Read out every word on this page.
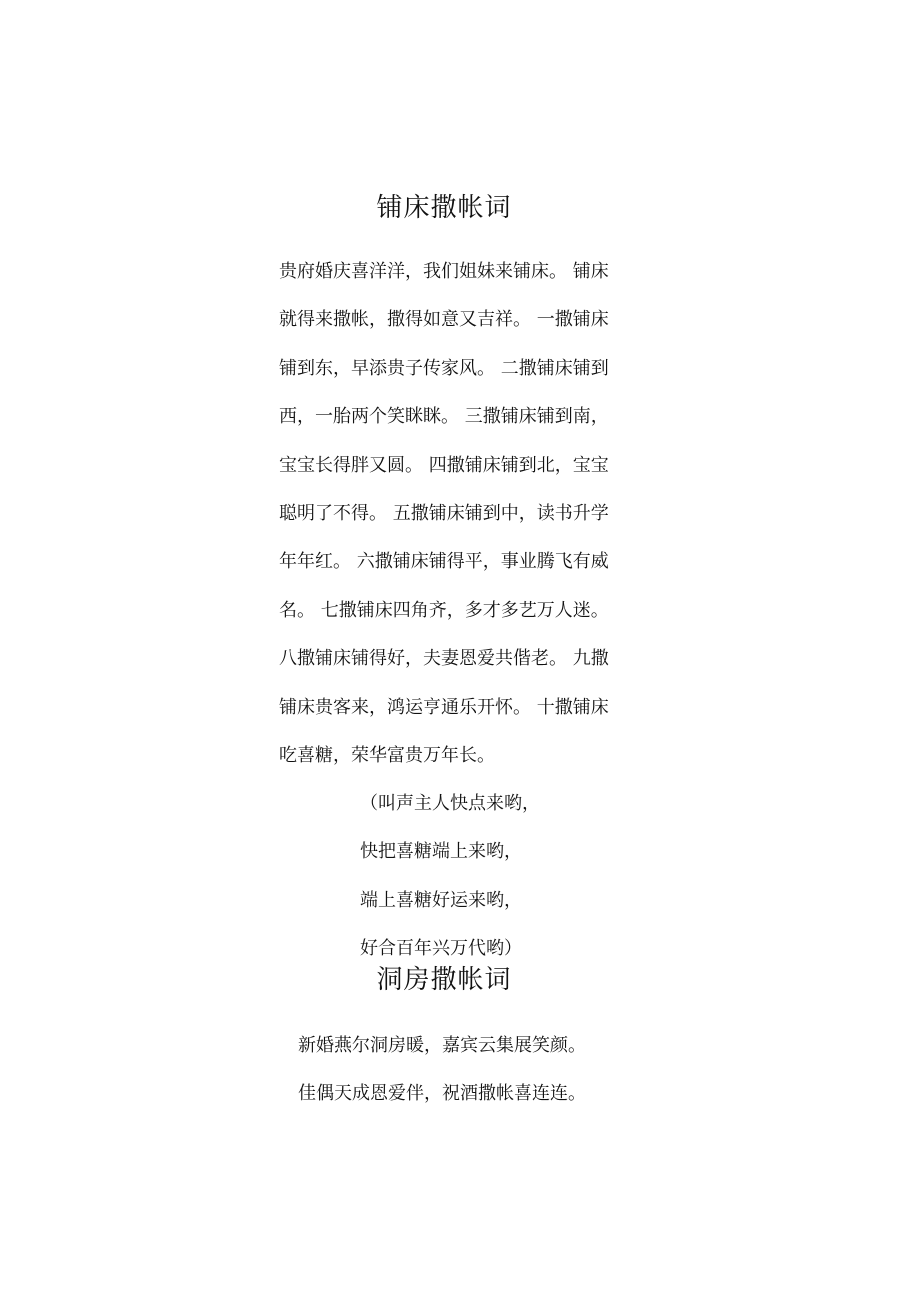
铺床撒帐词
贵府婚庆喜洋洋，我们姐妹来铺床。 铺床
就得来撒帐，撒得如意又吉祥。 一撒铺床
铺到东，早添贵子传家风。 二撒铺床铺到
西，一胎两个笑眯眯。 三撒铺床铺到南，
宝宝长得胖又圆。 四撒铺床铺到北，宝宝
聪明了不得。 五撒铺床铺到中，读书升学
年年红。 六撒铺床铺得平，事业腾飞有威
名。 七撒铺床四角齐，多才多艺万人迷。
八撒铺床铺得好，夫妻恩爱共偕老。 九撒
铺床贵客来，鸿运亨通乐开怀。 十撒铺床
吃喜糖，荣华富贵万年长。
（叫声主人快点来哟，
快把喜糖端上来哟，
端上喜糖好运来哟，
好合百年兴万代哟）
洞房撒帐词
新婚燕尔洞房暖，嘉宾云集展笑颜。
佳偶天成恩爱伴，祝酒撒帐喜连连。
